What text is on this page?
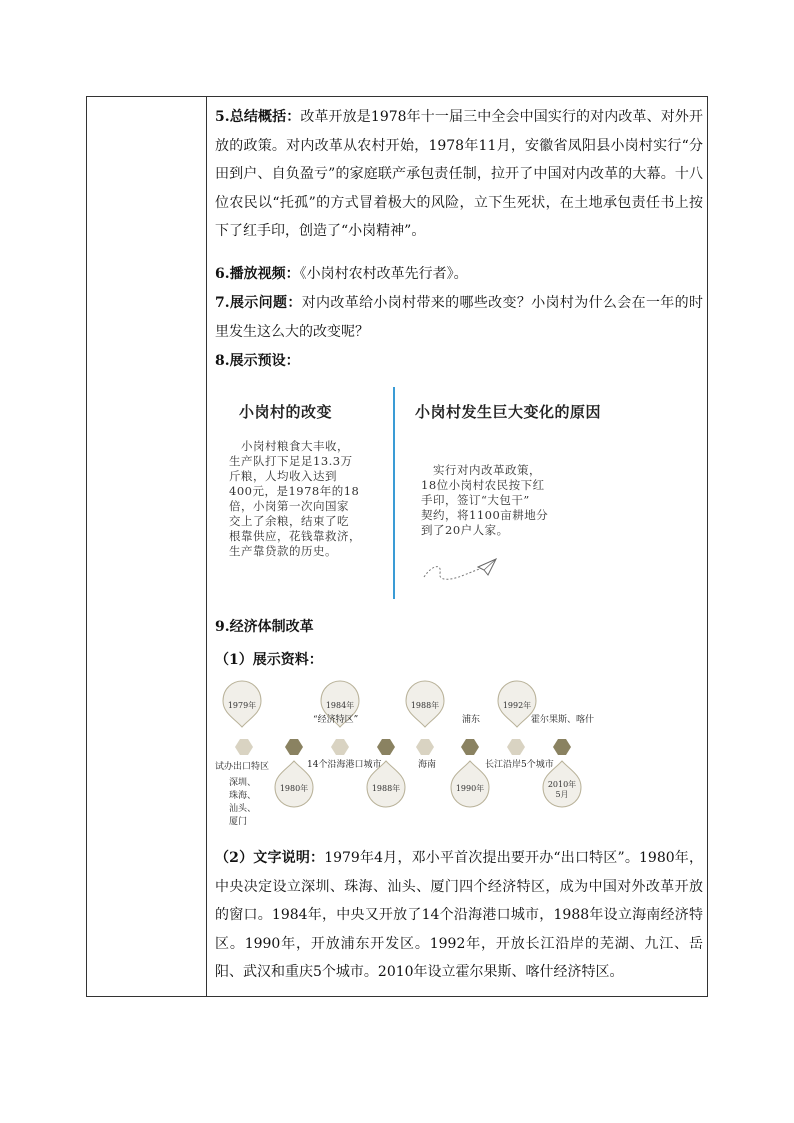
5.总结概括：改革开放是1978年十一届三中全会中国实行的对内改革、对外开放的政策。对内改革从农村开始，1978年11月，安徽省凤阳县小岗村实行“分田到户、自负盈亏”的家庭联产承包责任制，拉开了中国对内改革的大幕。十八位农民以“托孤”的方式冒着极大的风险，立下生死状，在土地承包责任书上按下了红手印，创造了“小岗精神”。

6.播放视频：《小岗村农村改革先行者》。

7.展示问题：对内改革给小岗村带来的哪些改变？小岗村为什么会在一年的时里发生这么大的改变呢？

8.展示预设：

小岗村的改变
　小岗村粮食大丰收，
生产队打下足足13.3万
斤粮，人均收入达到
400元，是1978年的18
倍，小岗第一次向国家
交上了余粮，结束了吃
根靠供应，花钱靠救济，
生产靠贷款的历史。
小岗村发生巨大变化的原因
　实行对内改革政策，
18位小岗村农民按下红
手印，签订“大包干”
契约，将1100亩耕地分
到了20户人家。

9.经济体制改革

（1）展示资料：

1979年	1984年	1988年	1992年
1980年	1988年	1990年	2010年
5月
“经济特区”	浦东	霍尔果斯、喀什
试办出口特区	14个沿海港口城市	海南	长江沿岸5个城市
深圳、
珠海、
汕头、
厦门

（2）文字说明：1979年4月，邓小平首次提出要开办“出口特区”。1980年，中央决定设立深圳、珠海、汕头、厦门四个经济特区，成为中国对外改革开放的窗口。1984年，中央又开放了14个沿海港口城市，1988年设立海南经济特区。1990年，开放浦东开发区。1992年，开放长江沿岸的芜湖、九江、岳阳、武汉和重庆5个城市。2010年设立霍尔果斯、喀什经济特区。
